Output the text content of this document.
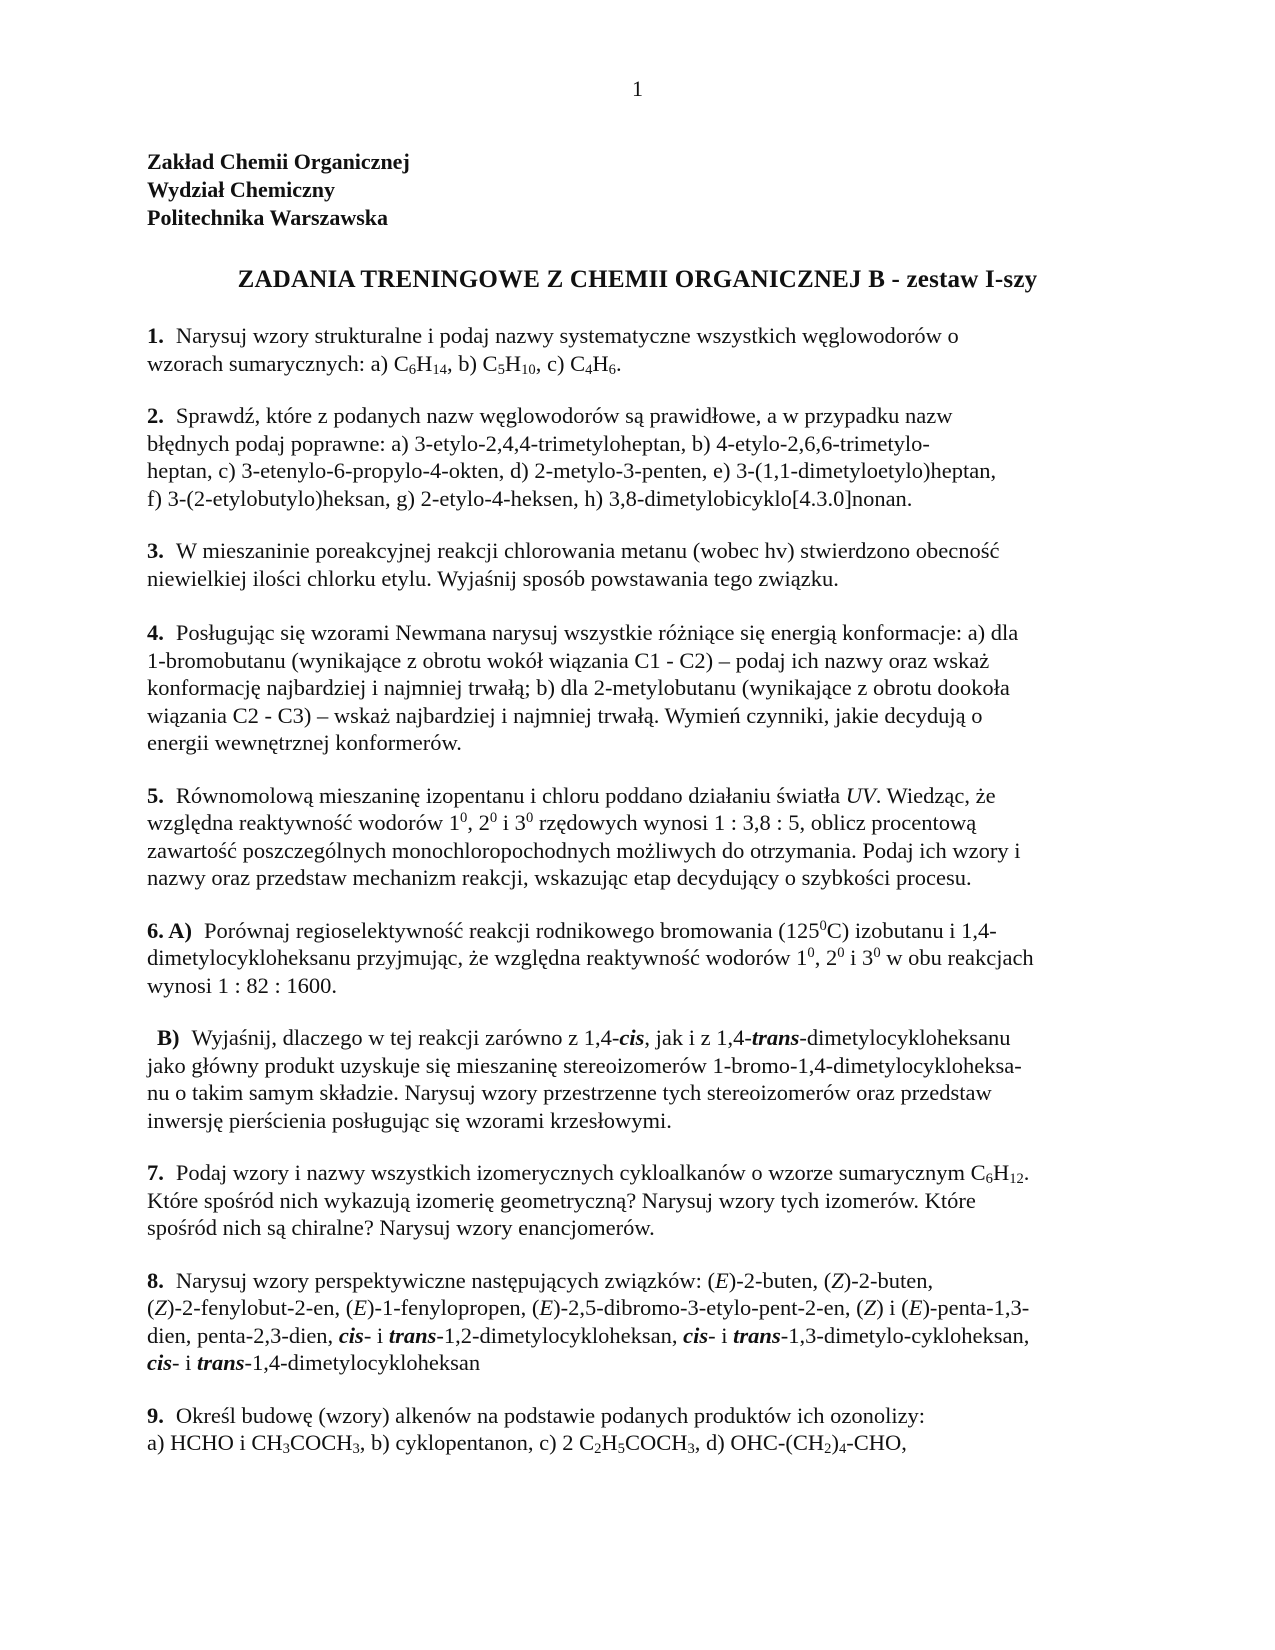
1
Zakład Chemii Organicznej
Wydział Chemiczny
Politechnika Warszawska
ZADANIA TRENINGOWE Z CHEMII ORGANICZNEJ B - zestaw I-szy
1. Narysuj wzory strukturalne i podaj nazwy systematyczne wszystkich węglowodorów o
wzorach sumarycznych: a) $C_6H_{14}$, b) $C_5H_{10}$, c) $C_4H_6$.
2. Sprawdź, które z podanych nazw węglowodorów są prawidłowe, a w przypadku nazw
błędnych podaj poprawne: a) 3-etylo-2,4,4-trimetyloheptan, b) 4-etylo-2,6,6-trimetylo-
heptan, c) 3-etenylo-6-propylo-4-okten, d) 2-metylo-3-penten, e) 3-(1,1-dimetyloetylo)heptan,
f) 3-(2-etylobutylo)heksan, g) 2-etylo-4-heksen, h) 3,8-dimetylobicyklo[4.3.0]nonan.
3. W mieszaninie poreakcyjnej reakcji chlorowania metanu (wobec hv) stwierdzono obecność
niewielkiej ilości chlorku etylu. Wyjaśnij sposób powstawania tego związku.
4. Posługując się wzorami Newmana narysuj wszystkie różniące się energią konformacje: a) dla
1-bromobutanu (wynikające z obrotu wokół wiązania C1 - C2) – podaj ich nazwy oraz wskaż
konformację najbardziej i najmniej trwałą; b) dla 2-metylobutanu (wynikające z obrotu dookoła
wiązania C2 - C3) – wskaż najbardziej i najmniej trwałą. Wymień czynniki, jakie decydują o
energii wewnętrznej konformerów.
5. Równomolową mieszaninę izopentanu i chloru poddano działaniu światła UV. Wiedząc, że
względna reaktywność wodorów $1^0$, $2^0$ i $3^0$ rzędowych wynosi 1 : 3,8 : 5, oblicz procentową
zawartość poszczególnych monochloropochodnych możliwych do otrzymania. Podaj ich wzory i
nazwy oraz przedstaw mechanizm reakcji, wskazując etap decydujący o szybkości procesu.
6. A) Porównaj regioselektywność reakcji rodnikowego bromowania $(125^0C)$ izobutanu i 1,4-
dimetylocykloheksanu przyjmując, że względna reaktywność wodorów $1^0$, $2^0$ i $3^0$ w obu reakcjach
wynosi 1 : 82 : 1600.
B) Wyjaśnij, dlaczego w tej reakcji zarówno z 1,4-cis, jak i z 1,4-trans-dimetylocykloheksanu
jako główny produkt uzyskuje się mieszaninę stereoizomerów 1-bromo-1,4-dimetylocykloheksa-
nu o takim samym składzie. Narysuj wzory przestrzenne tych stereoizomerów oraz przedstaw
inwersję pierścienia posługując się wzorami krzesłowymi.
7. Podaj wzory i nazwy wszystkich izomerycznych cykloalkanów o wzorze sumarycznym $C_6H_{12}$.
Które spośród nich wykazują izomerię geometryczną? Narysuj wzory tych izomerów. Które
spośród nich są chiralne? Narysuj wzory enancjomerów.
8. Narysuj wzory perspektywiczne następujących związków: (E)-2-buten, (Z)-2-buten,
(Z)-2-fenylobut-2-en, (E)-1-fenylopropen, (E)-2,5-dibromo-3-etylo-pent-2-en, (Z) i (E)-penta-1,3-
dien, penta-2,3-dien, cis- i trans-1,2-dimetylocykloheksan, cis- i trans-1,3-dimetylo-cykloheksan,
cis- i trans-1,4-dimetylocykloheksan
9. Określ budowę (wzory) alkenów na podstawie podanych produktów ich ozonolizy:
a) HCHO i $CH_3COCH_3$, b) cyklopentanon, c) 2 $C_2H_5COCH_3$, d) OHC-$(CH_2)_4$-CHO,
